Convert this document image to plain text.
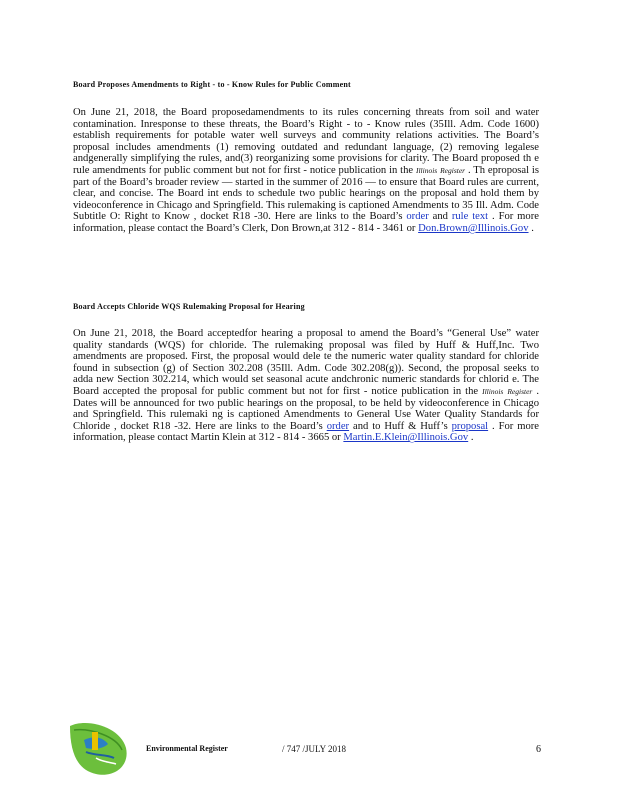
Board Proposes Amendments to Right - to - Know Rules for Public Comment
On June 21, 2018, the Board proposedamendments to its rules concerning threats from soil and water contamination. Inresponse to these threats, the Board’s Right - to - Know rules (35Ill. Adm. Code 1600) establish requirements for potable water well surveys and community relations activities. The Board’s proposal includes amendments (1) removing outdated and redundant language, (2) removing legalese andgenerally simplifying the rules, and(3) reorganizing some provisions for clarity. The Board proposed th e rule amendments for public comment but not for first - notice publication in the Illinois Register . Th eproposal is part of the Board’s broader review — started in the summer of 2016 — to ensure that Board rules are current, clear, and concise. The Board int ends to schedule two public hearings on the proposal and hold them by videoconference in Chicago and Springfield. This rulemaking is captioned Amendments to 35 Ill. Adm. Code Subtitle O: Right to Know , docket R18 -30. Here are links to the Board’s order and rule text . For more information, please contact the Board’s Clerk, Don Brown,at 312 - 814 - 3461 or Don.Brown@Illinois.Gov .
Board Accepts Chloride WQS Rulemaking Proposal for Hearing
On June 21, 2018, the Board acceptedfor hearing a proposal to amend the Board’s “General Use” water quality standards (WQS) for chloride. The rulemaking proposal was filed by Huff & Huff,Inc. Two amendments are proposed. First, the proposal would dele te the numeric water quality standard for chloride found in subsection (g) of Section 302.208 (35Ill. Adm. Code 302.208(g)). Second, the proposal seeks to adda new Section 302.214, which would set seasonal acute andchronic numeric standards for chlorid e. The Board accepted the proposal for public comment but not for first - notice publication in the Illinois Register . Dates will be announced for two public hearings on the proposal, to be held by videoconference in Chicago and Springfield. This rulemaki ng is captioned Amendments to General Use Water Quality Standards for Chloride , docket R18 -32. Here are links to the Board’s order and to Huff & Huff’s proposal . For more information, please contact Martin Klein at 312 - 814 - 3665 or Martin.E.Klein@Illinois.Gov .
Environmental Register	/ 747 /JULY 2018	6
